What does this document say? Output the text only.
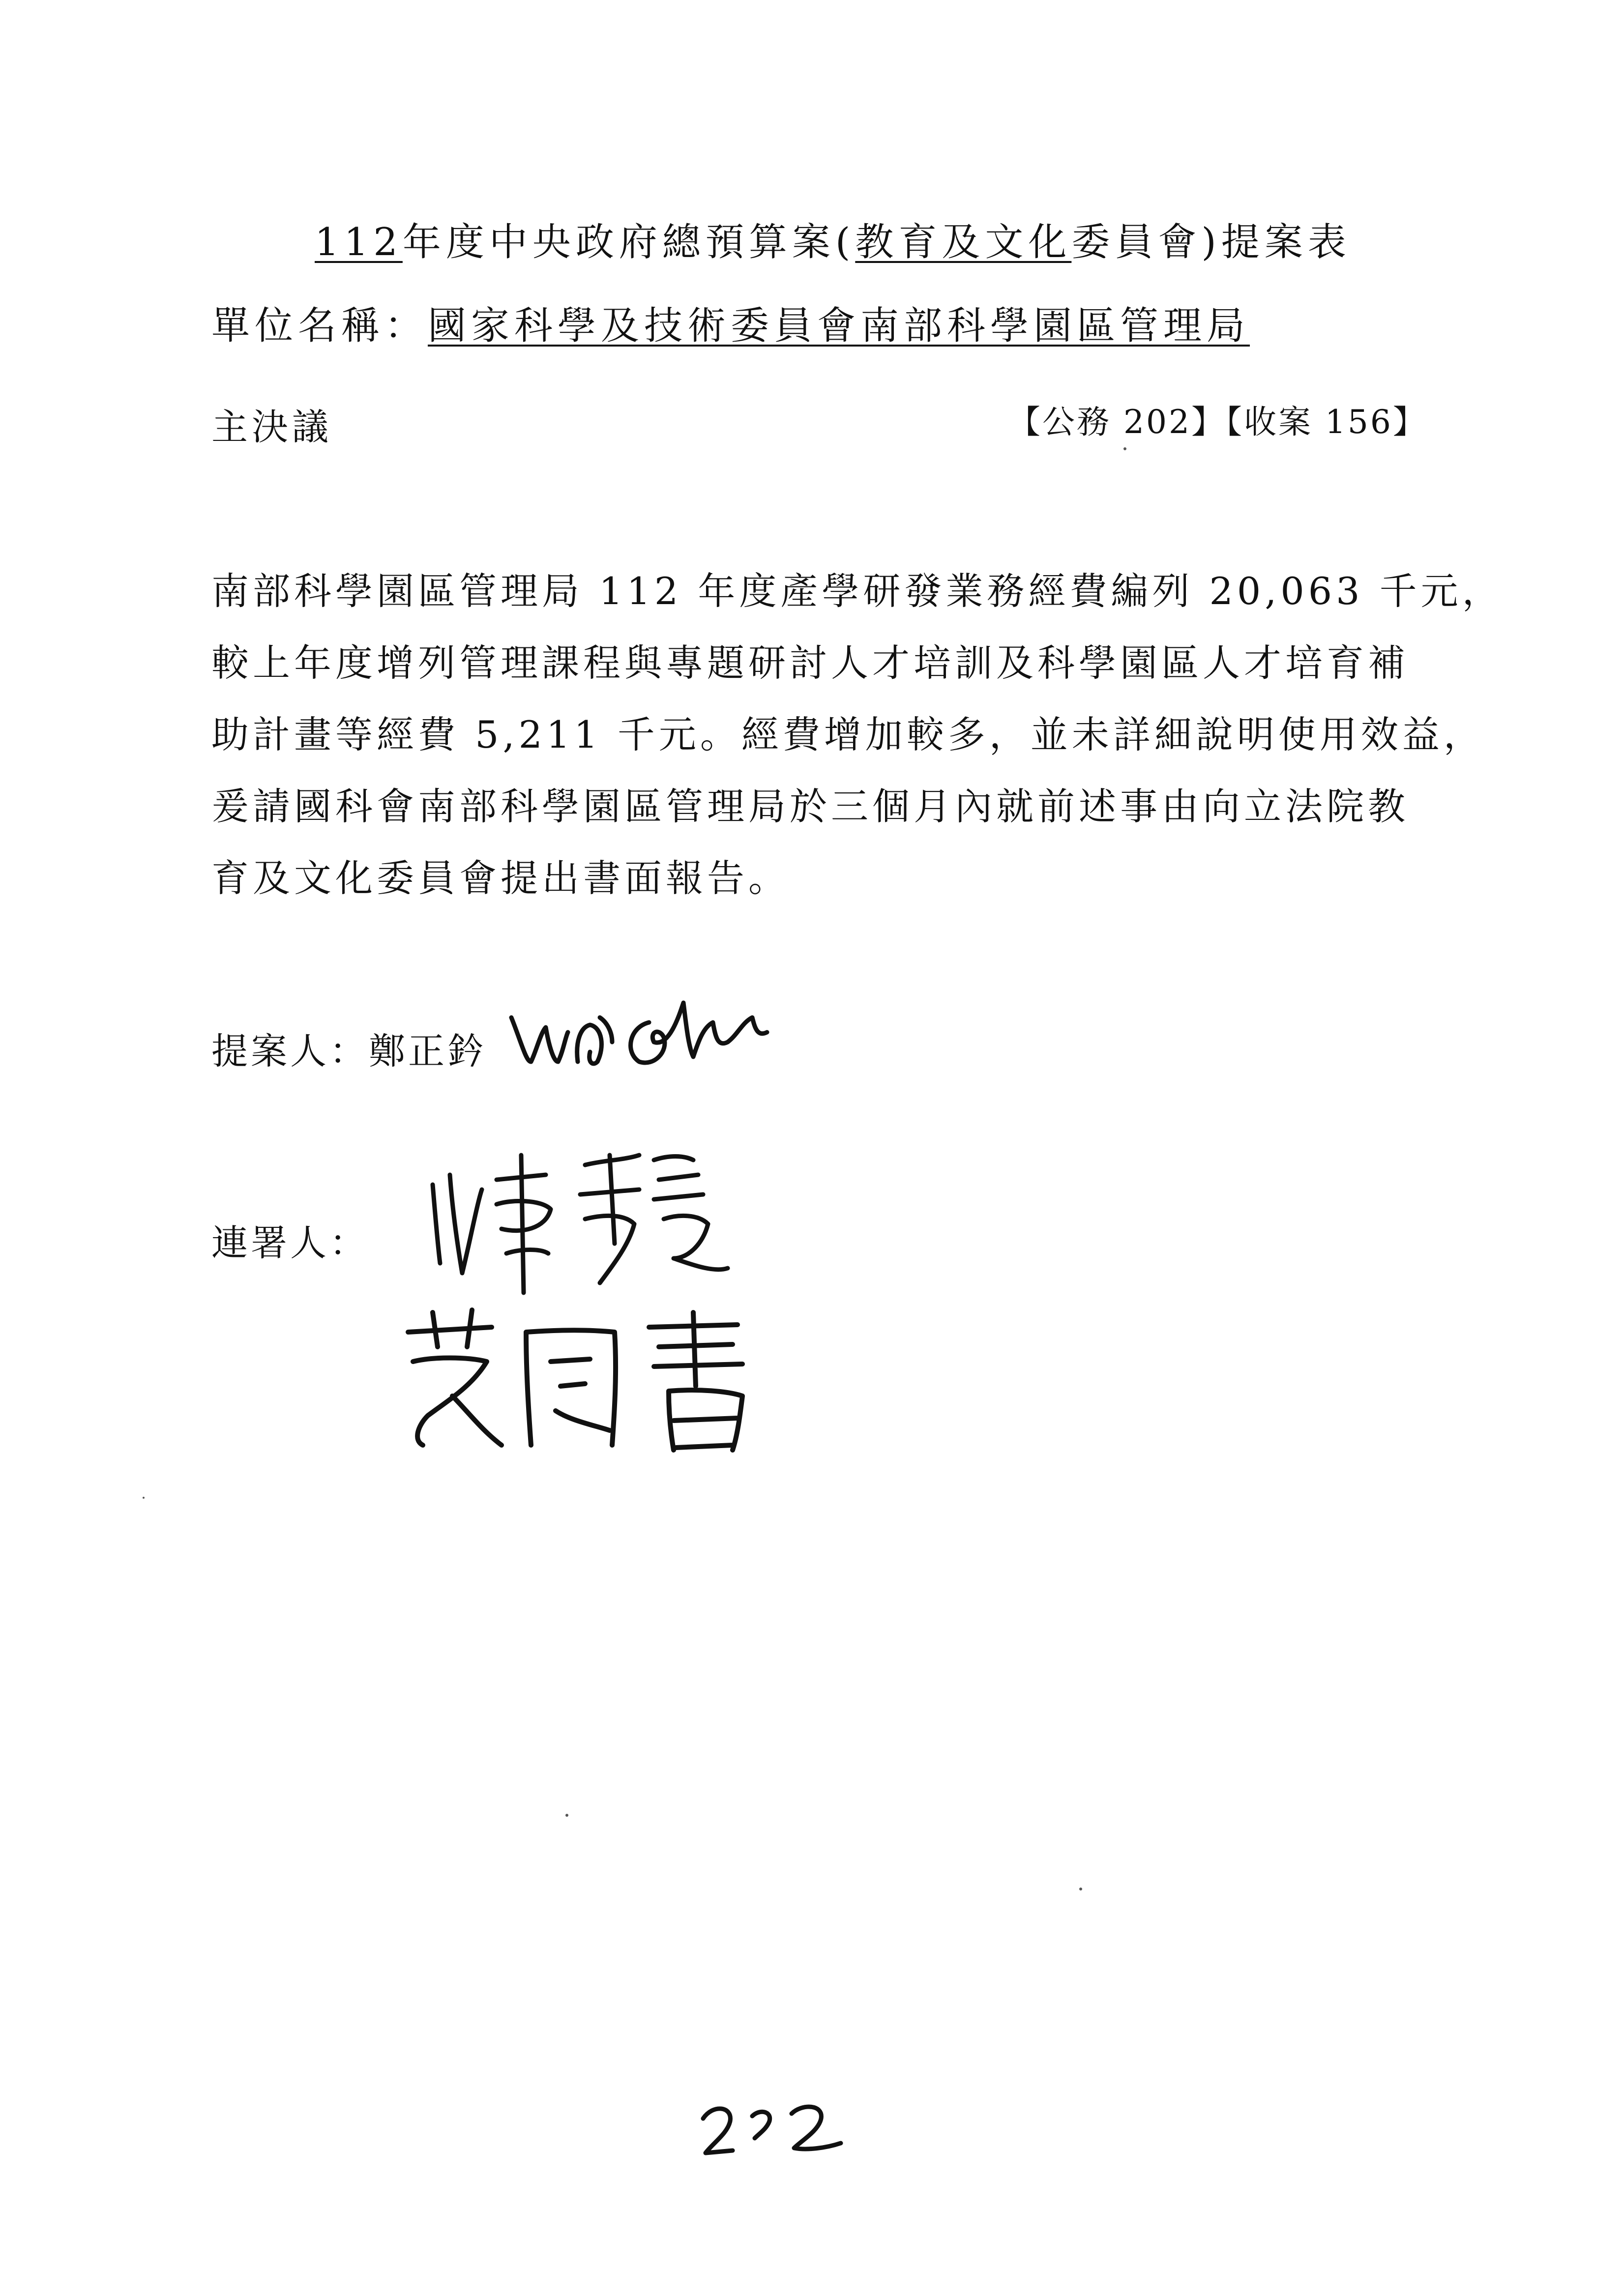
112年度中央政府總預算案(教育及文化委員會)提案表
單位名稱：國家科學及技術委員會南部科學園區管理局
主決議	【公務 202】【收案 156】

南部科學園區管理局 112 年度產學研發業務經費編列 20,063 千元，

較上年度增列管理課程與專題研討人才培訓及科學園區人才培育補

助計畫等經費 5,211 千元。經費增加較多，並未詳細說明使用效益，

爰請國科會南部科學園區管理局於三個月內就前述事由向立法院教

育及文化委員會提出書面報告。

提案人：鄭正鈐
連署人：
